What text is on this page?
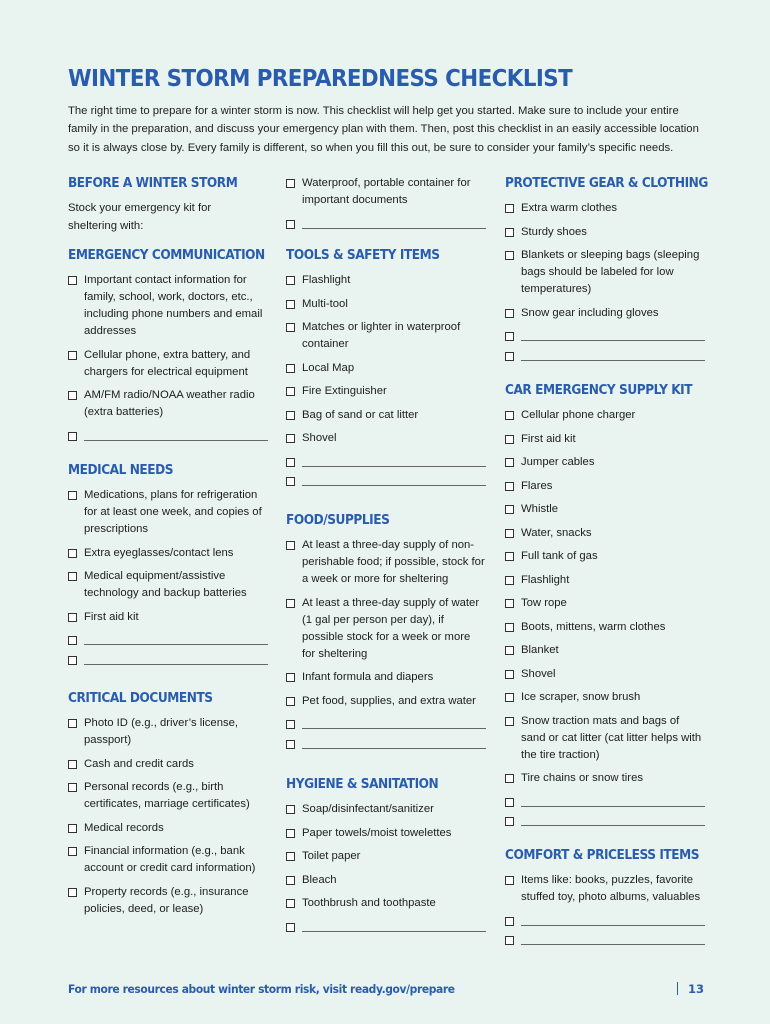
WINTER STORM PREPAREDNESS CHECKLIST

The right time to prepare for a winter storm is now. This checklist will help get you started. Make sure to include your entire family in the preparation, and discuss your emergency plan with them. Then, post this checklist in an easily accessible location so it is always close by. Every family is different, so when you fill this out, be sure to consider your family’s specific needs.

BEFORE A WINTER STORM
Stock your emergency kit for sheltering with:
EMERGENCY COMMUNICATION
Important contact information for family, school, work, doctors, etc., including phone numbers and email addresses
Cellular phone, extra battery, and chargers for electrical equipment
AM/FM radio/NOAA weather radio (extra batteries)
MEDICAL NEEDS
Medications, plans for refrigeration for at least one week, and copies of prescriptions
Extra eyeglasses/contact lens
Medical equipment/assistive technology and backup batteries
First aid kit
CRITICAL DOCUMENTS
Photo ID (e.g., driver’s license, passport)
Cash and credit cards
Personal records (e.g., birth certificates, marriage certificates)
Medical records
Financial information (e.g., bank account or credit card information)
Property records (e.g., insurance policies, deed, or lease)
Waterproof, portable container for important documents
TOOLS & SAFETY ITEMS
Flashlight
Multi-tool
Matches or lighter in waterproof container
Local Map
Fire Extinguisher
Bag of sand or cat litter
Shovel
FOOD/SUPPLIES
At least a three-day supply of non-perishable food; if possible, stock for a week or more for sheltering
At least a three-day supply of water (1 gal per person per day), if possible stock for a week or more for sheltering
Infant formula and diapers
Pet food, supplies, and extra water
HYGIENE & SANITATION
Soap/disinfectant/sanitizer
Paper towels/moist towelettes
Toilet paper
Bleach
Toothbrush and toothpaste
PROTECTIVE GEAR & CLOTHING
Extra warm clothes
Sturdy shoes
Blankets or sleeping bags (sleeping bags should be labeled for low temperatures)
Snow gear including gloves
CAR EMERGENCY SUPPLY KIT
Cellular phone charger
First aid kit
Jumper cables
Flares
Whistle
Water, snacks
Full tank of gas
Flashlight
Tow rope
Boots, mittens, warm clothes
Blanket
Shovel
Ice scraper, snow brush
Snow traction mats and bags of sand or cat litter (cat litter helps with the tire traction)
Tire chains or snow tires
COMFORT & PRICELESS ITEMS
Items like: books, puzzles, favorite stuffed toy, photo albums, valuables
For more resources about winter storm risk, visit ready.gov/prepare	13
